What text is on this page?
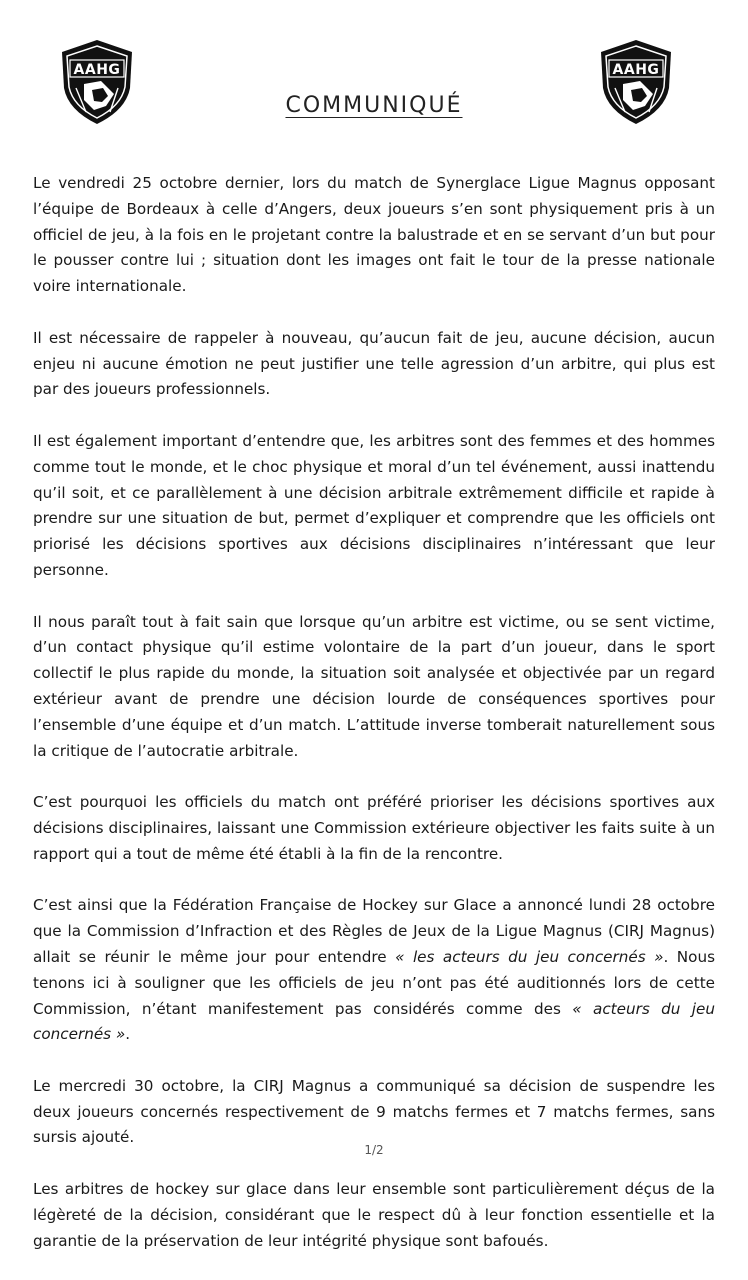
AAHG	AAHG
COMMUNIQUÉ

Le vendredi 25 octobre dernier, lors du match de Synerglace Ligue Magnus opposant l’équipe de Bordeaux à celle d’Angers, deux joueurs s’en sont physiquement pris à un officiel de jeu, à la fois en le projetant contre la balustrade et en se servant d’un but pour le pousser contre lui ; situation dont les images ont fait le tour de la presse nationale voire internationale.

Il est nécessaire de rappeler à nouveau, qu’aucun fait de jeu, aucune décision, aucun enjeu ni aucune émotion ne peut justifier une telle agression d’un arbitre, qui plus est par des joueurs professionnels.

Il est également important d’entendre que, les arbitres sont des femmes et des hommes comme tout le monde, et le choc physique et moral d’un tel événement, aussi inattendu qu’il soit, et ce parallèlement à une décision arbitrale extrêmement difficile et rapide à prendre sur une situation de but, permet d’expliquer et comprendre que les officiels ont priorisé les décisions sportives aux décisions disciplinaires n’intéressant que leur personne.

Il nous paraît tout à fait sain que lorsque qu’un arbitre est victime, ou se sent victime, d’un contact physique qu’il estime volontaire de la part d’un joueur, dans le sport collectif le plus rapide du monde, la situation soit analysée et objectivée par un regard extérieur avant de prendre une décision lourde de conséquences sportives pour l’ensemble d’une équipe et d’un match. L’attitude inverse tomberait naturellement sous la critique de l’autocratie arbitrale.

C’est pourquoi les officiels du match ont préféré prioriser les décisions sportives aux décisions disciplinaires, laissant une Commission extérieure objectiver les faits suite à un rapport qui a tout de même été établi à la fin de la rencontre.

C’est ainsi que la Fédération Française de Hockey sur Glace a annoncé lundi 28 octobre que la Commission d’Infraction et des Règles de Jeux de la Ligue Magnus (CIRJ Magnus) allait se réunir le même jour pour entendre « les acteurs du jeu concernés ». Nous tenons ici à souligner que les officiels de jeu n’ont pas été auditionnés lors de cette Commission, n’étant manifestement pas considérés comme des « acteurs du jeu concernés ».

Le mercredi 30 octobre, la CIRJ Magnus a communiqué sa décision de suspendre les deux joueurs concernés respectivement de 9 matchs fermes et 7 matchs fermes, sans sursis ajouté.

Les arbitres de hockey sur glace dans leur ensemble sont particulièrement déçus de la légèreté de la décision, considérant que le respect dû à leur fonction essentielle et la garantie de la préservation de leur intégrité physique sont bafoués.

1/2
